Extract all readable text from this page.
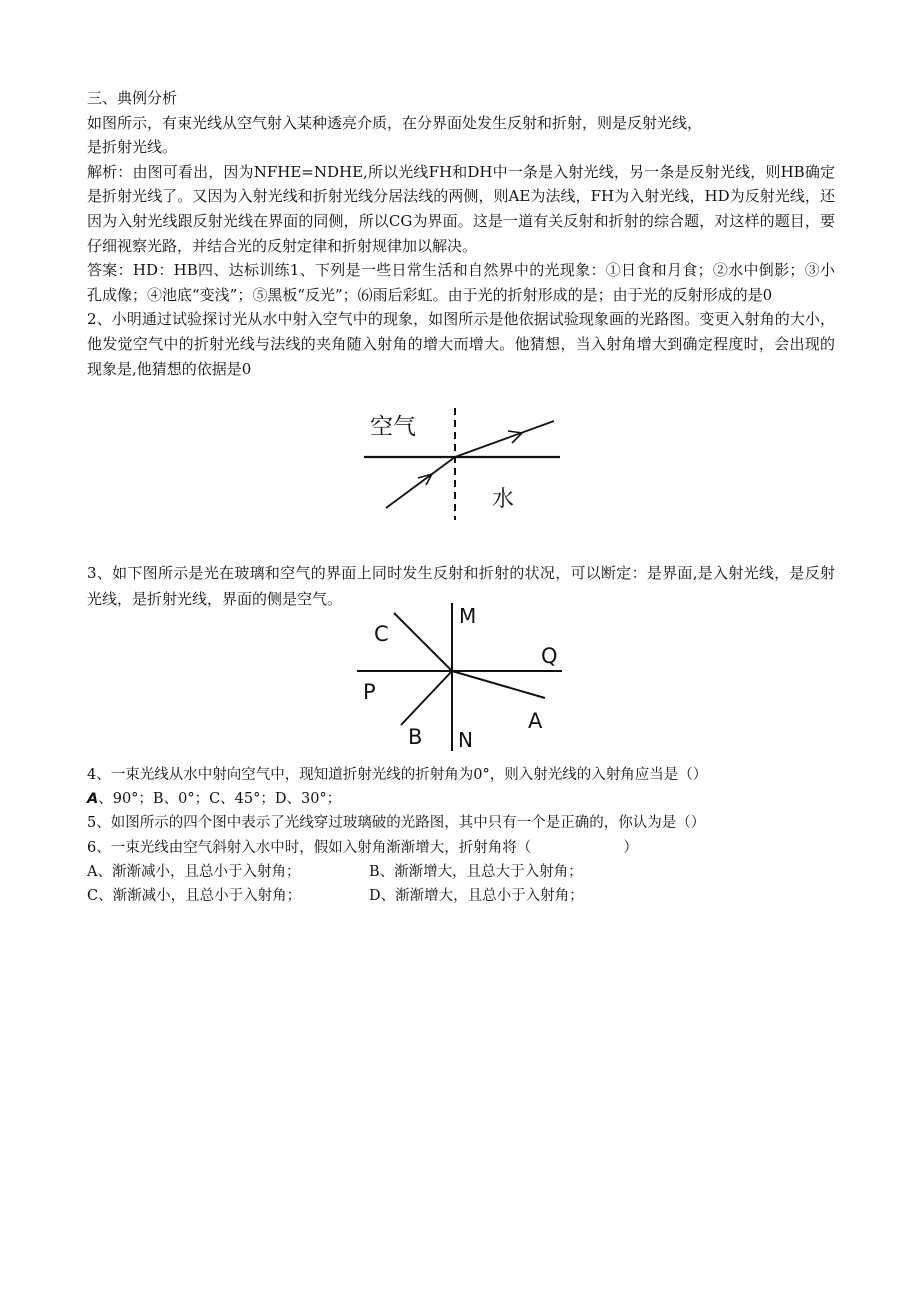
三、典例分析

如图所示，有束光线从空气射入某种透亮介质，在分界面处发生反射和折射，则是反射光线，

是折射光线。

解析：由图可看出，因为NFHE=NDHE,所以光线FH和DH中一条是入射光线，另一条是反射光线，则HB确定是折射光线了。又因为入射光线和折射光线分居法线的两侧，则AE为法线，FH为入射光线，HD为反射光线，还因为入射光线跟反射光线在界面的同侧，所以CG为界面。这是一道有关反射和折射的综合题，对这样的题目，要仔细视察光路，并结合光的反射定律和折射规律加以解决。

答案：HD：HB四、达标训练1、下列是一些日常生活和自然界中的光现象：①日食和月食；②水中倒影；③小孔成像；④池底“变浅”；⑤黑板“反光”；⑹雨后彩虹。由于光的折射形成的是；由于光的反射形成的是0

2、小明通过试验探讨光从水中射入空气中的现象，如图所示是他依据试验现象画的光路图。变更入射角的大小，他发觉空气中的折射光线与法线的夹角随入射角的增大而增大。他猜想，当入射角增大到确定程度时，会出现的现象是,他猜想的依据是0

空气
水

3、如下图所示是光在玻璃和空气的界面上同时发生反射和折射的状况，可以断定：是界面,是入射光线，是反射光线，是折射光线，界面的侧是空气。

C
M
Q
P
A
B N

4、一束光线从水中射向空气中，现知道折射光线的折射角为0°，则入射光线的入射角应当是（）

A、90°；B、0°；C、45°；D、30°；

5、如图所示的四个图中表示了光线穿过玻璃破的光路图，其中只有一个是正确的，你认为是（）

6、一束光线由空气斜射入水中时，假如入射角渐渐增大，折射角将（                    ）

A、渐渐减小，且总小于入射角；	B、渐渐增大，且总大于入射角；

C、渐渐减小，且总小于入射角；	D、渐渐增大，且总小于入射角；
